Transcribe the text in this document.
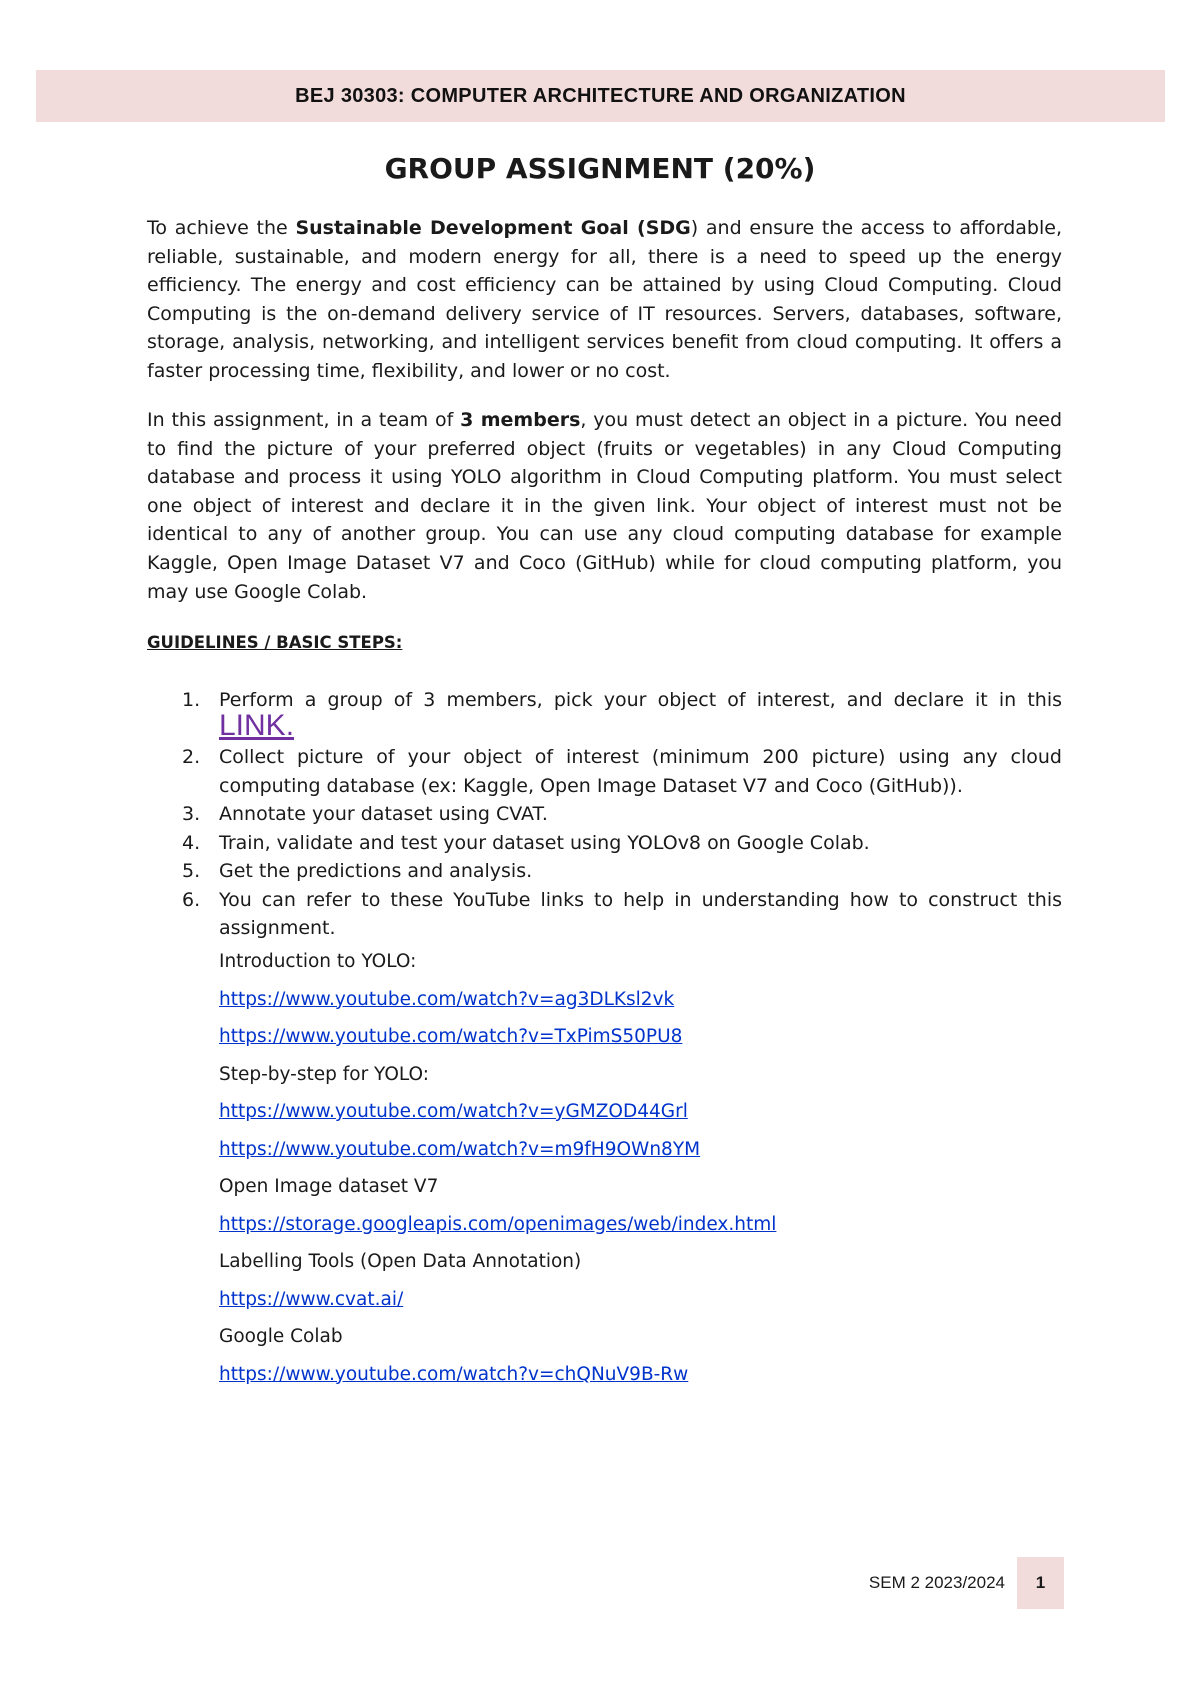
BEJ 30303: COMPUTER ARCHITECTURE AND ORGANIZATION
GROUP ASSIGNMENT (20%)

To achieve the Sustainable Development Goal (SDG) and ensure the access to affordable, reliable, sustainable, and modern energy for all, there is a need to speed up the energy efficiency. The energy and cost efficiency can be attained by using Cloud Computing. Cloud Computing is the on-demand delivery service of IT resources. Servers, databases, software, storage, analysis, networking, and intelligent services benefit from cloud computing. It offers a faster processing time, flexibility, and lower or no cost.

In this assignment, in a team of 3 members, you must detect an object in a picture. You need to find the picture of your preferred object (fruits or vegetables) in any Cloud Computing database and process it using YOLO algorithm in Cloud Computing platform. You must select one object of interest and declare it in the given link. Your object of interest must not be identical to any of another group. You can use any cloud computing database for example Kaggle, Open Image Dataset V7 and Coco (GitHub) while for cloud computing platform, you may use Google Colab.

GUIDELINES / BASIC STEPS:
1. Perform a group of 3 members, pick your object of interest, and declare it in this LINK.
2. Collect picture of your object of interest (minimum 200 picture) using any cloud computing database (ex: Kaggle, Open Image Dataset V7 and Coco (GitHub)).
3. Annotate your dataset using CVAT.
4. Train, validate and test your dataset using YOLOv8 on Google Colab.
5. Get the predictions and analysis.
6. You can refer to these YouTube links to help in understanding how to construct this assignment.
Introduction to YOLO:
https://www.youtube.com/watch?v=ag3DLKsl2vk
https://www.youtube.com/watch?v=TxPimS50PU8
Step-by-step for YOLO:
https://www.youtube.com/watch?v=yGMZOD44Grl
https://www.youtube.com/watch?v=m9fH9OWn8YM
Open Image dataset V7
https://storage.googleapis.com/openimages/web/index.html
Labelling Tools (Open Data Annotation)
https://www.cvat.ai/
Google Colab
https://www.youtube.com/watch?v=chQNuV9B-Rw
SEM 2 2023/2024	1
